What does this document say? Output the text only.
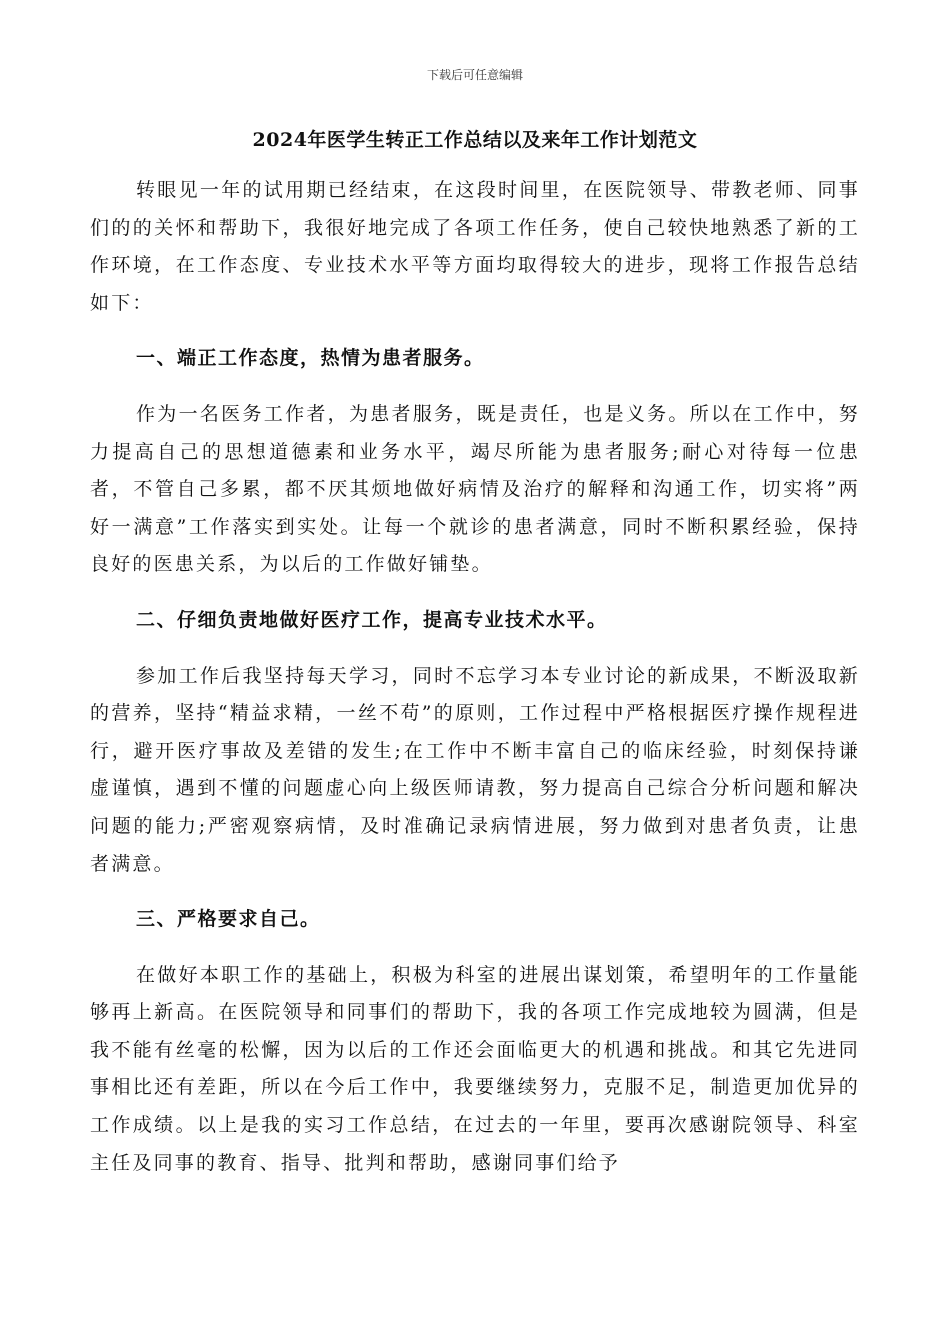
下载后可任意编辑
2024年医学生转正工作总结以及来年工作计划范文

转眼见一年的试用期已经结束，在这段时间里，在医院领导、带教老师、同事们的的关怀和帮助下，我很好地完成了各项工作任务，使自己较快地熟悉了新的工作环境，在工作态度、专业技术水平等方面均取得较大的进步，现将工作报告总结如下：

一、端正工作态度，热情为患者服务。

作为一名医务工作者，为患者服务，既是责任，也是义务。所以在工作中，努力提高自己的思想道德素和业务水平，竭尽所能为患者服务;耐心对待每一位患者，不管自己多累，都不厌其烦地做好病情及治疗的解释和沟通工作，切实将”两好一满意”工作落实到实处。让每一个就诊的患者满意，同时不断积累经验，保持良好的医患关系，为以后的工作做好铺垫。

二、仔细负责地做好医疗工作，提高专业技术水平。

参加工作后我坚持每天学习，同时不忘学习本专业讨论的新成果，不断汲取新的营养，坚持“精益求精，一丝不苟”的原则，工作过程中严格根据医疗操作规程进行，避开医疗事故及差错的发生;在工作中不断丰富自己的临床经验，时刻保持谦虚谨慎，遇到不懂的问题虚心向上级医师请教，努力提高自己综合分析问题和解决问题的能力;严密观察病情，及时准确记录病情进展，努力做到对患者负责，让患者满意。

三、严格要求自己。

在做好本职工作的基础上，积极为科室的进展出谋划策，希望明年的工作量能够再上新高。在医院领导和同事们的帮助下，我的各项工作完成地较为圆满，但是我不能有丝毫的松懈，因为以后的工作还会面临更大的机遇和挑战。和其它先进同事相比还有差距，所以在今后工作中，我要继续努力，克服不足，制造更加优异的工作成绩。以上是我的实习工作总结，在过去的一年里，要再次感谢院领导、科室主任及同事的教育、指导、批判和帮助，感谢同事们给予
